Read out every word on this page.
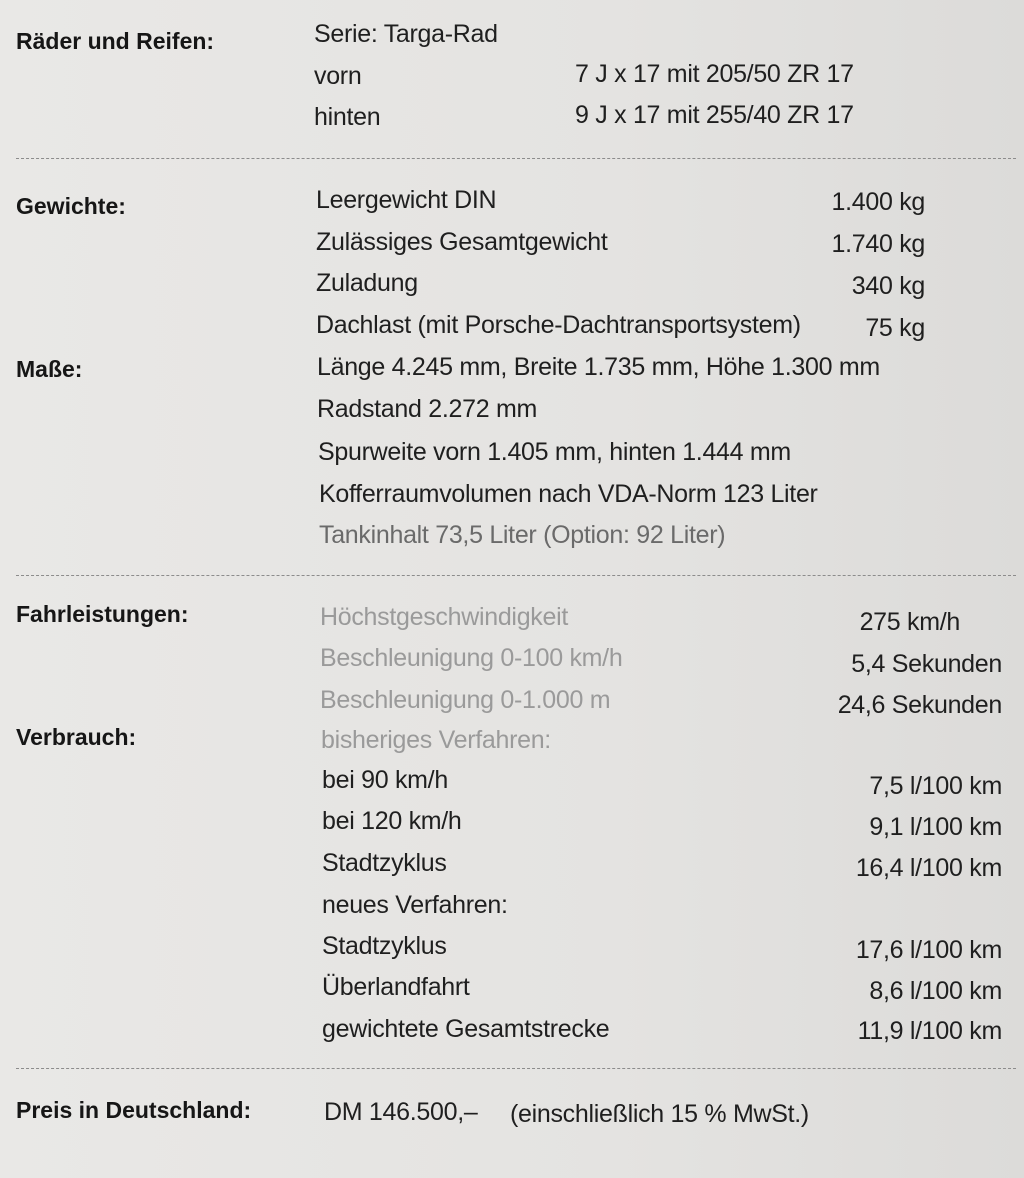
Räder und Reifen:	Serie: Targa-Rad
vorn	7 J x 17 mit 205/50 ZR 17
hinten	9 J x 17 mit 255/40 ZR 17
Gewichte:	Leergewicht DIN	1.400 kg
Zulässiges Gesamtgewicht	1.740 kg
Zuladung	340 kg
Dachlast (mit Porsche-Dachtransportsystem)	75 kg
Maße:	Länge 4.245 mm, Breite 1.735 mm, Höhe 1.300 mm
Radstand 2.272 mm
Spurweite vorn 1.405 mm, hinten 1.444 mm
Kofferraumvolumen nach VDA-Norm 123 Liter
Tankinhalt 73,5 Liter (Option: 92 Liter)
Fahrleistungen:	Höchstgeschwindigkeit	275 km/h
Beschleunigung 0-100 km/h	5,4 Sekunden
Beschleunigung 0-1.000 m	24,6 Sekunden
Verbrauch:	bisheriges Verfahren:
bei 90 km/h	7,5 l/100 km
bei 120 km/h	9,1 l/100 km
Stadtzyklus	16,4 l/100 km
neues Verfahren:
Stadtzyklus	17,6 l/100 km
Überlandfahrt	8,6 l/100 km
gewichtete Gesamtstrecke	11,9 l/100 km
Preis in Deutschland:	DM 146.500,– (einschließlich 15 % MwSt.)
